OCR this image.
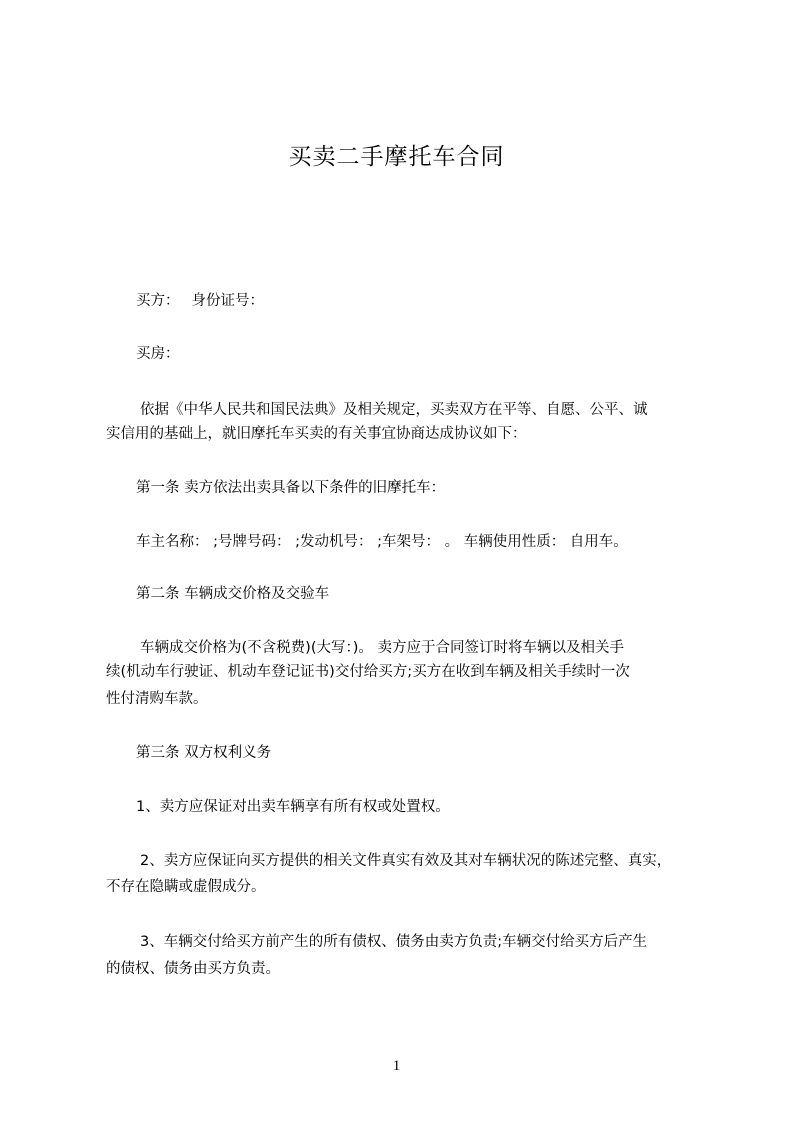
买卖二手摩托车合同
买方： 身份证号：
买房：
依据《中华人民共和国民法典》及相关规定，买卖双方在平等、自愿、公平、诚
实信用的基础上，就旧摩托车买卖的有关事宜协商达成协议如下：
第一条 卖方依法出卖具备以下条件的旧摩托车：
车主名称： ;号牌号码： ;发动机号： ;车架号： 。 车辆使用性质： 自用车。
第二条 车辆成交价格及交验车
车辆成交价格为(不含税费)(大写：)。 卖方应于合同签订时将车辆以及相关手
续(机动车行驶证、机动车登记证书)交付给买方;买方在收到车辆及相关手续时一次
性付清购车款。
第三条 双方权利义务
1、卖方应保证对出卖车辆享有所有权或处置权。
2、卖方应保证向买方提供的相关文件真实有效及其对车辆状况的陈述完整、真实，
不存在隐瞒或虚假成分。
3、车辆交付给买方前产生的所有债权、债务由卖方负责;车辆交付给买方后产生
的债权、债务由买方负责。
1
